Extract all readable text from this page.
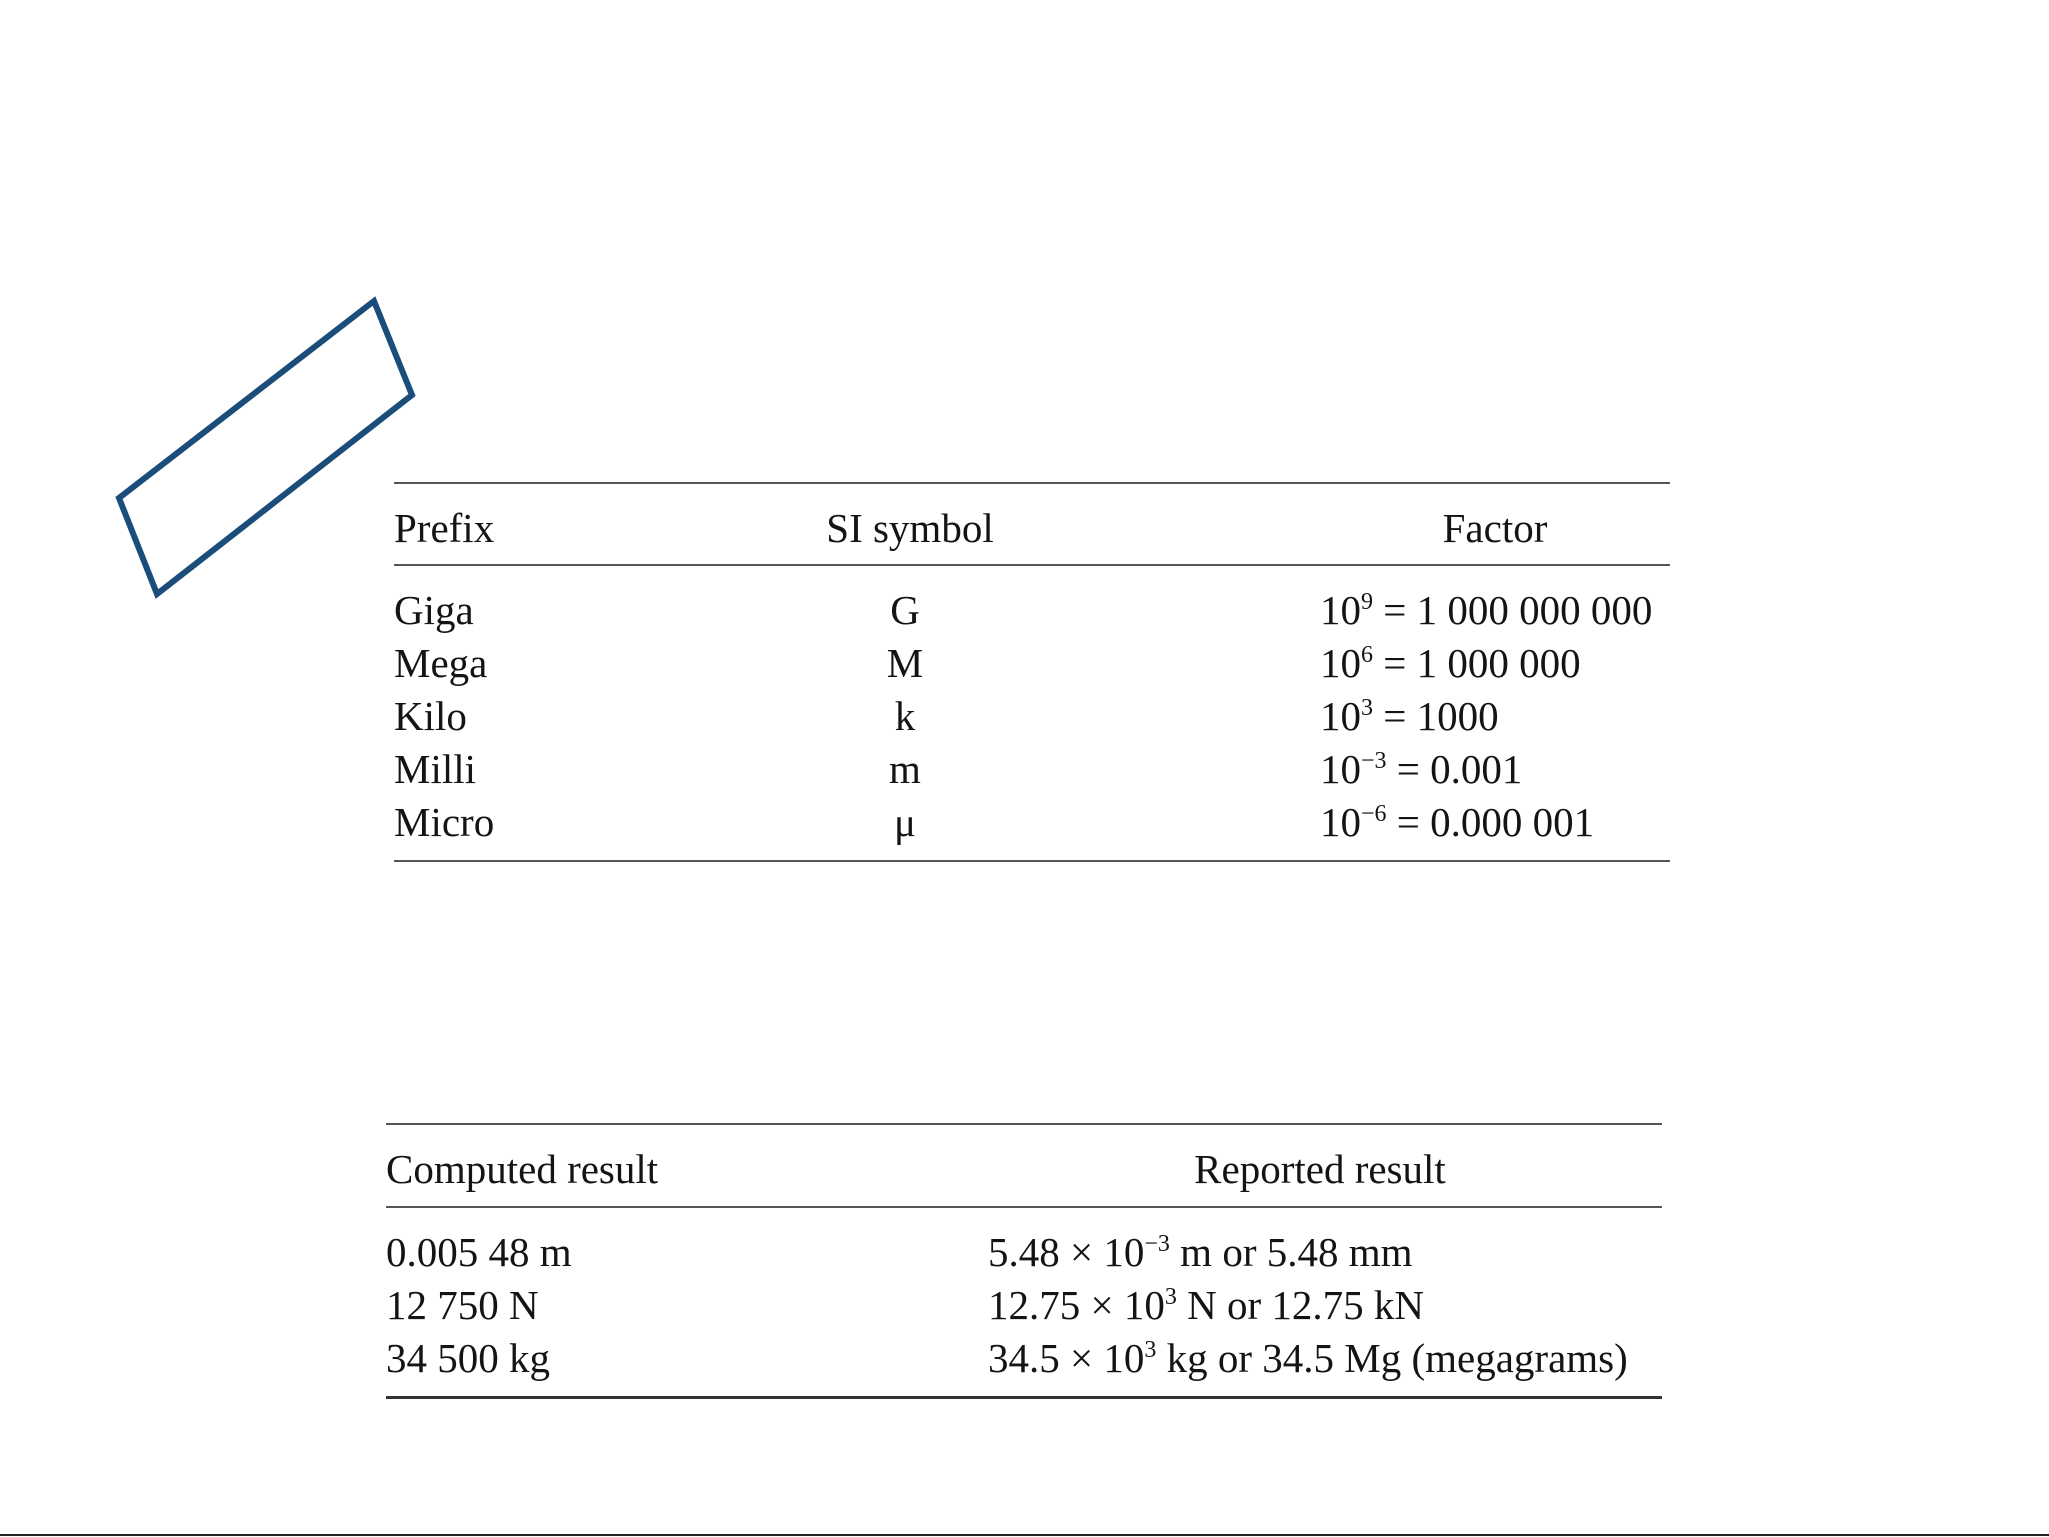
Prefix	SI symbol	Factor
Giga	G	$10^9 = 1$ 000 000 000
Mega	M	$10^6 = 1$ 000 000
Kilo	k	$10^3 = 1000$
Milli	m	$10^{-3} = 0.001$
Micro	μ	$10^{-6} = 0.000$ 001
Computed result	Reported result
0.005 48 m	$5.48 \times 10^{-3}$ m or 5.48 mm
12 750 N	$12.75 \times 10^3$ N or 12.75 kN
34 500 kg	$34.5 \times 10^3$ kg or 34.5 Mg (megagrams)
